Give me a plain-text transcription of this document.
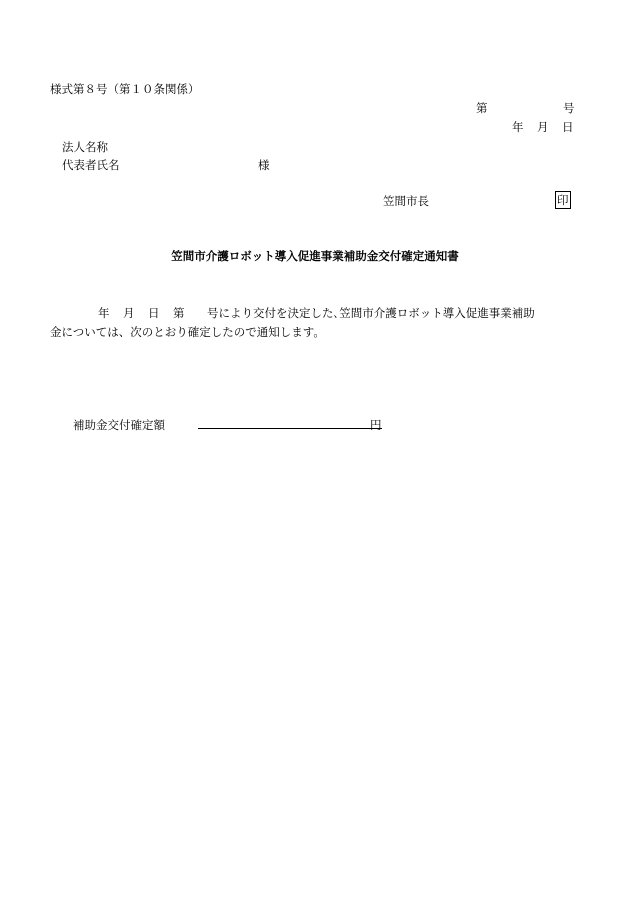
様式第８号（第１０条関係）
第	号
年 月 日
法人名称
代表者氏名	様
笠間市長	印
笠間市介護ロボット導入促進事業補助金交付確定通知書
年 月 日 第 号により交付を決定した､笠間市介護ロボット導入促進事業補助
金については、次のとおり確定したので通知します。
補助金交付確定額	円
